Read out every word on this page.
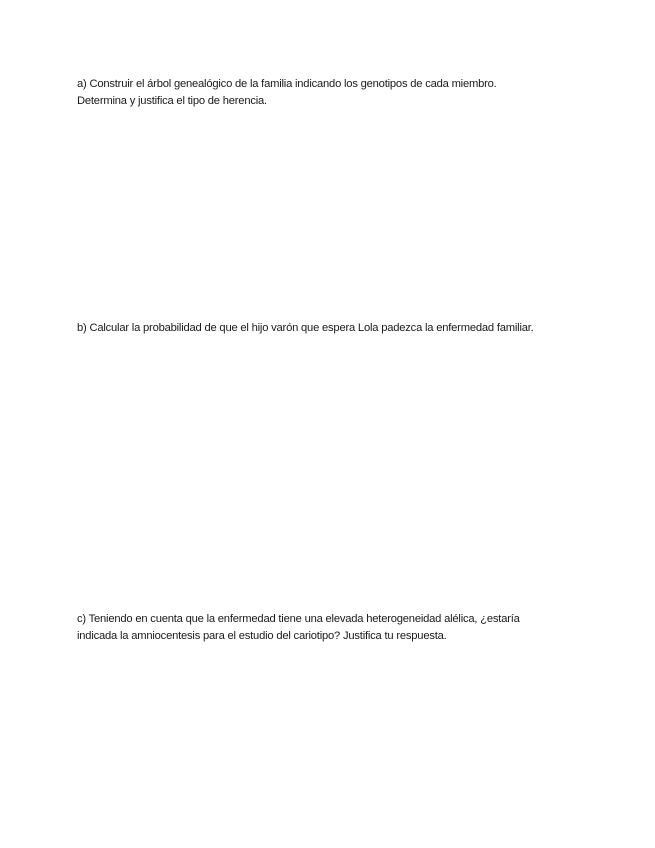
a) Construir el árbol genealógico de la familia indicando los genotipos de cada miembro.

Determina y justifica el tipo de herencia.

b) Calcular la probabilidad de que el hijo varón que espera Lola padezca la enfermedad familiar.

c) Teniendo en cuenta que la enfermedad tiene una elevada heterogeneidad alélica, ¿estaría

indicada la amniocentesis para el estudio del cariotipo? Justifica tu respuesta.
